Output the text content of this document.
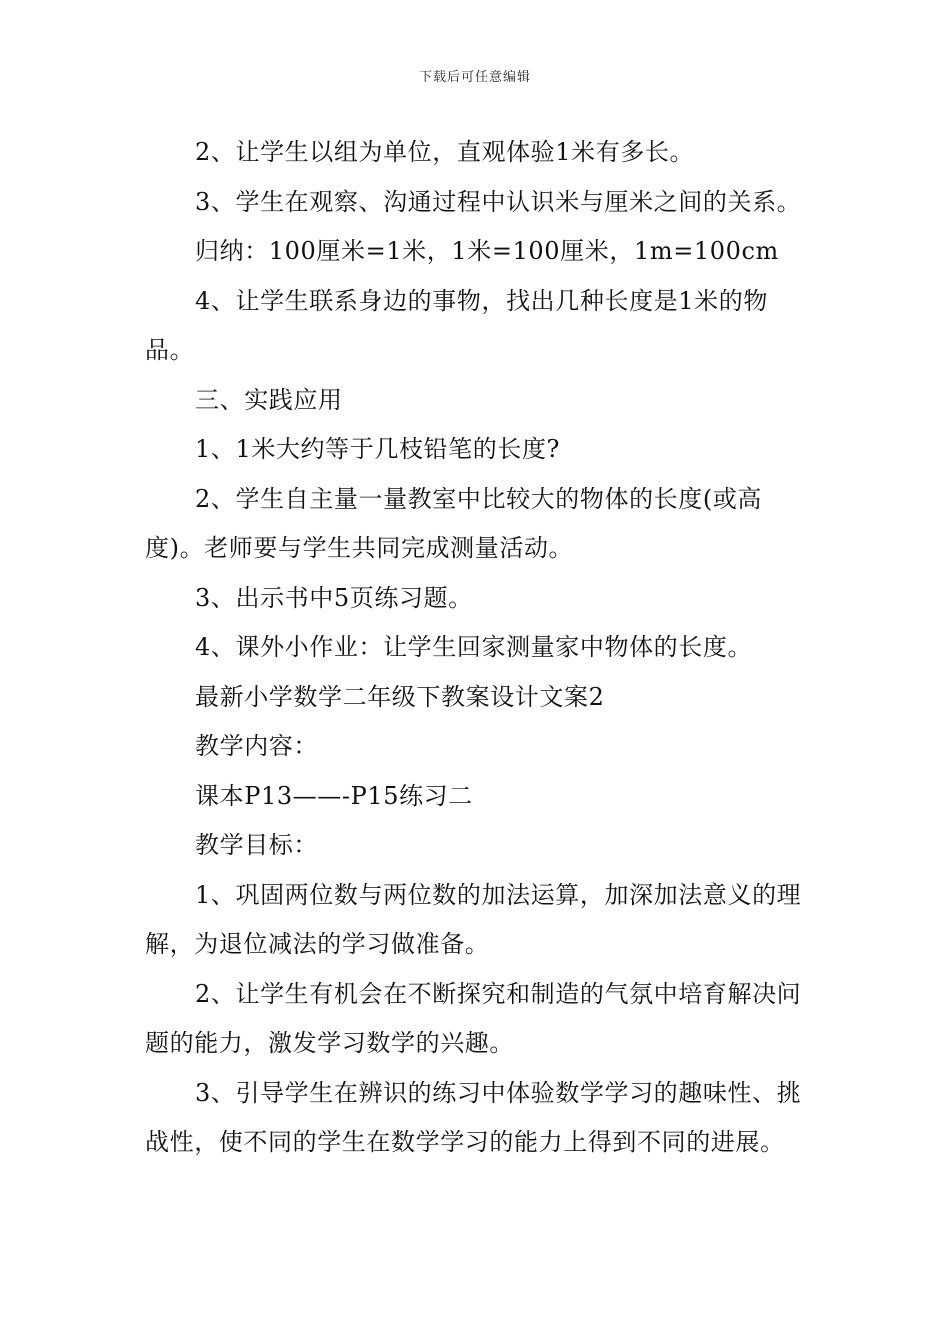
下载后可任意编辑

2、让学生以组为单位，直观体验1米有多长。

3、学生在观察、沟通过程中认识米与厘米之间的关系。

归纳：100厘米=1米，1米=100厘米，1m=100cm

4、让学生联系身边的事物，找出几种长度是1米的物品。

三、实践应用

1、1米大约等于几枝铅笔的长度?

2、学生自主量一量教室中比较大的物体的长度(或高度)。老师要与学生共同完成测量活动。

3、出示书中5页练习题。

4、课外小作业：让学生回家测量家中物体的长度。

最新小学数学二年级下教案设计文案2

教学内容：

课本P13——-P15练习二

教学目标：

1、巩固两位数与两位数的加法运算，加深加法意义的理解，为退位减法的学习做准备。

2、让学生有机会在不断探究和制造的气氛中培育解决问题的能力，激发学习数学的兴趣。

3、引导学生在辨识的练习中体验数学学习的趣味性、挑战性，使不同的学生在数学学习的能力上得到不同的进展。
